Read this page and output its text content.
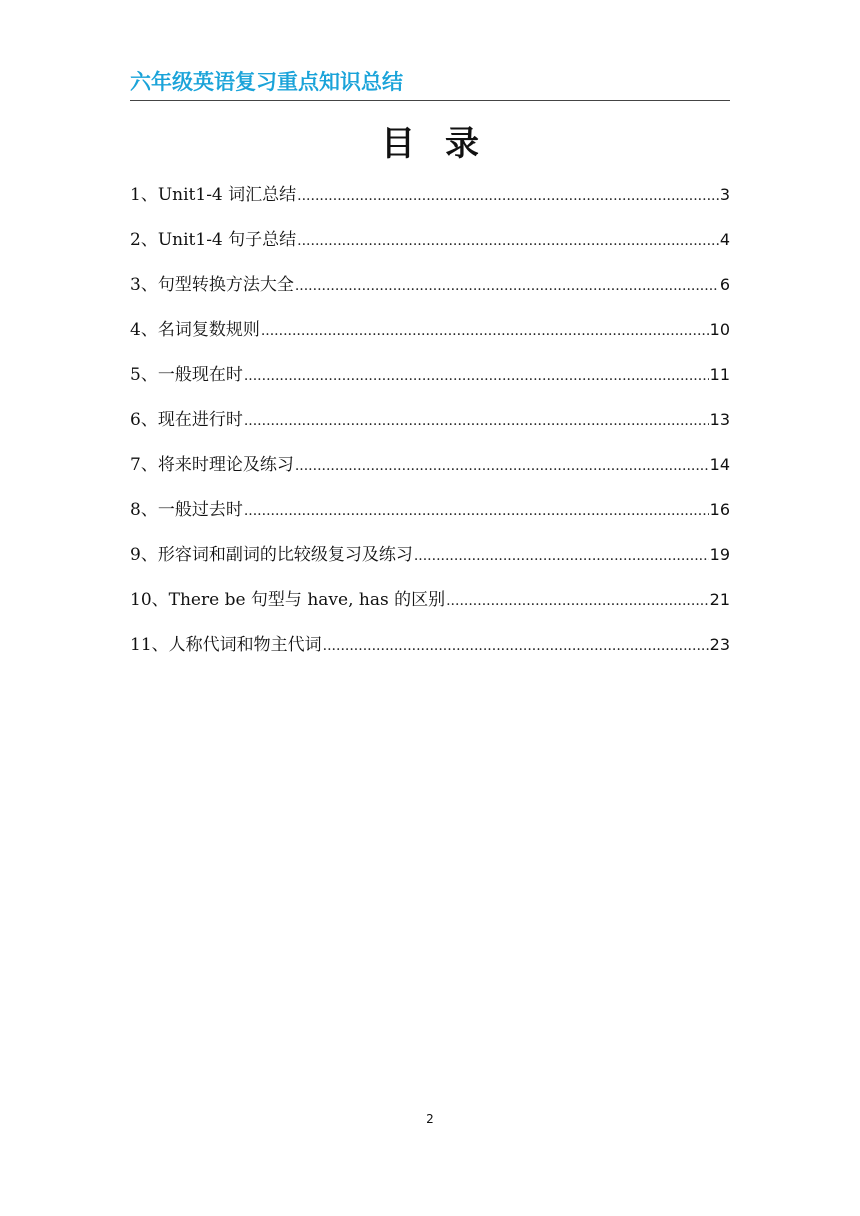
六年级英语复习重点知识总结
目录
1、 Unit1-4 词汇总结 .....	3
2、 Unit1-4 句子总结 .....	4
3、 句型转换方法大全 .....	6
4、 名词复数规则 .....	10
5、 一般现在时 .....	11
6、 现在进行时 .....	13
7、 将来时理论及练习 .....	14
8、 一般过去时 .....	16
9、 形容词和副词的比较级复习及练习 .....	19
10、 There be 句型与 have, has 的区别 .....	21
11、 人称代词和物主代词 .....	23
2
